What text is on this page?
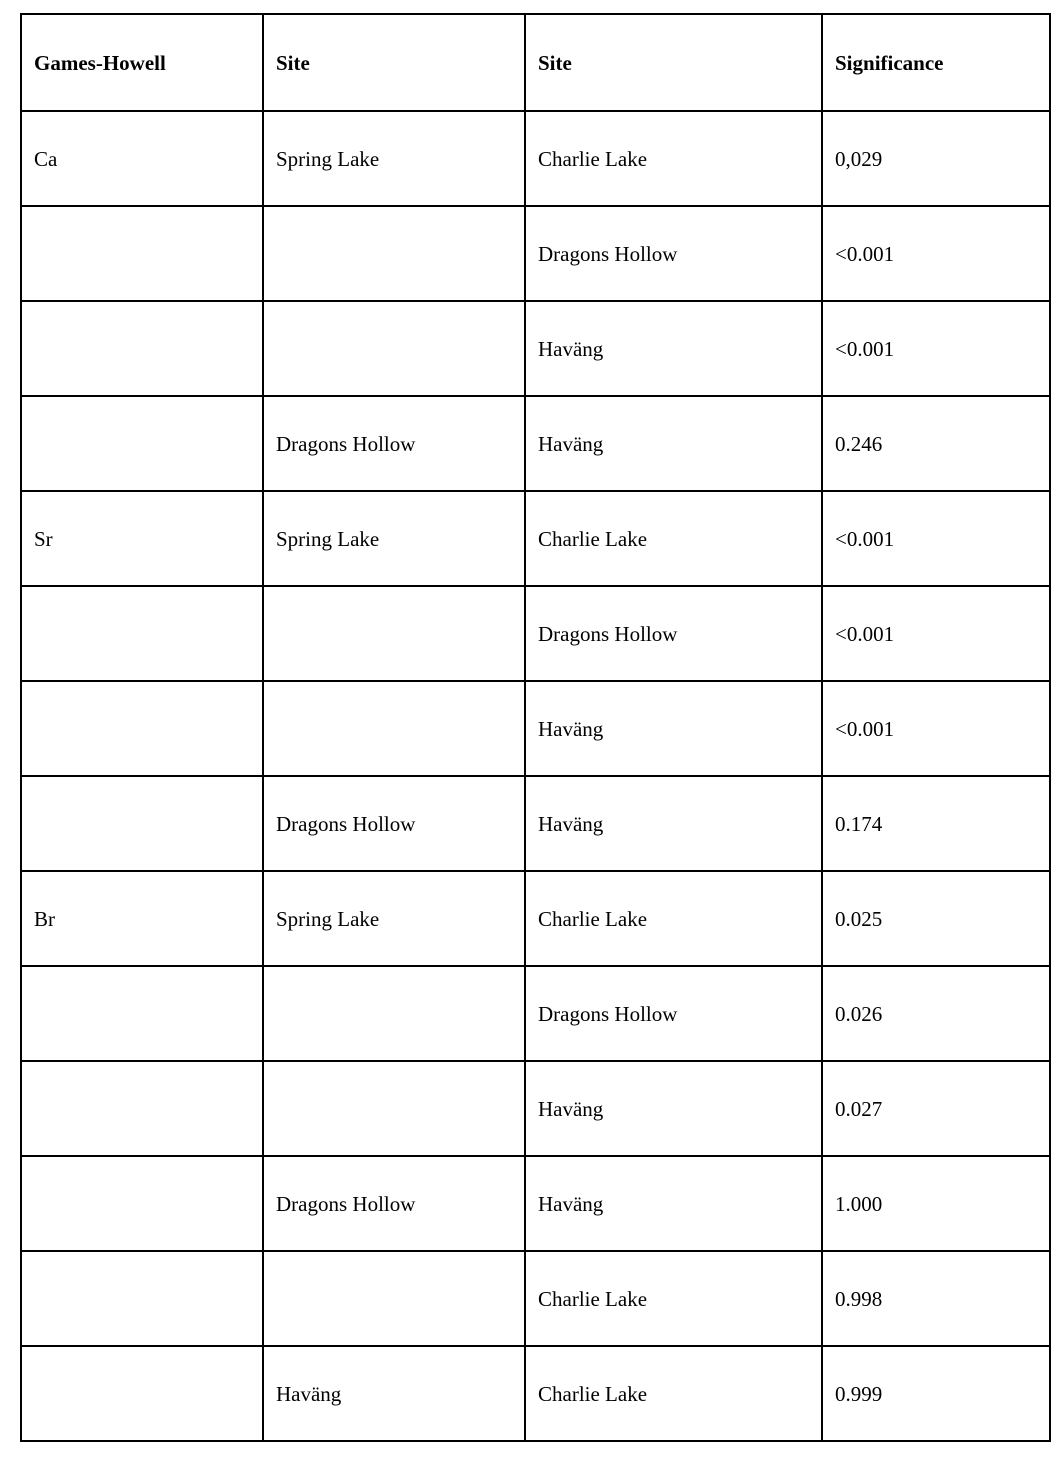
Games-Howell	Site	Site	Significance
Ca	Spring Lake	Charlie Lake	0,029
		Dragons Hollow	<0.001
		Haväng	<0.001
	Dragons Hollow	Haväng	0.246
Sr	Spring Lake	Charlie Lake	<0.001
		Dragons Hollow	<0.001
		Haväng	<0.001
	Dragons Hollow	Haväng	0.174
Br	Spring Lake	Charlie Lake	0.025
		Dragons Hollow	0.026
		Haväng	0.027
	Dragons Hollow	Haväng	1.000
		Charlie Lake	0.998
	Haväng	Charlie Lake	0.999
